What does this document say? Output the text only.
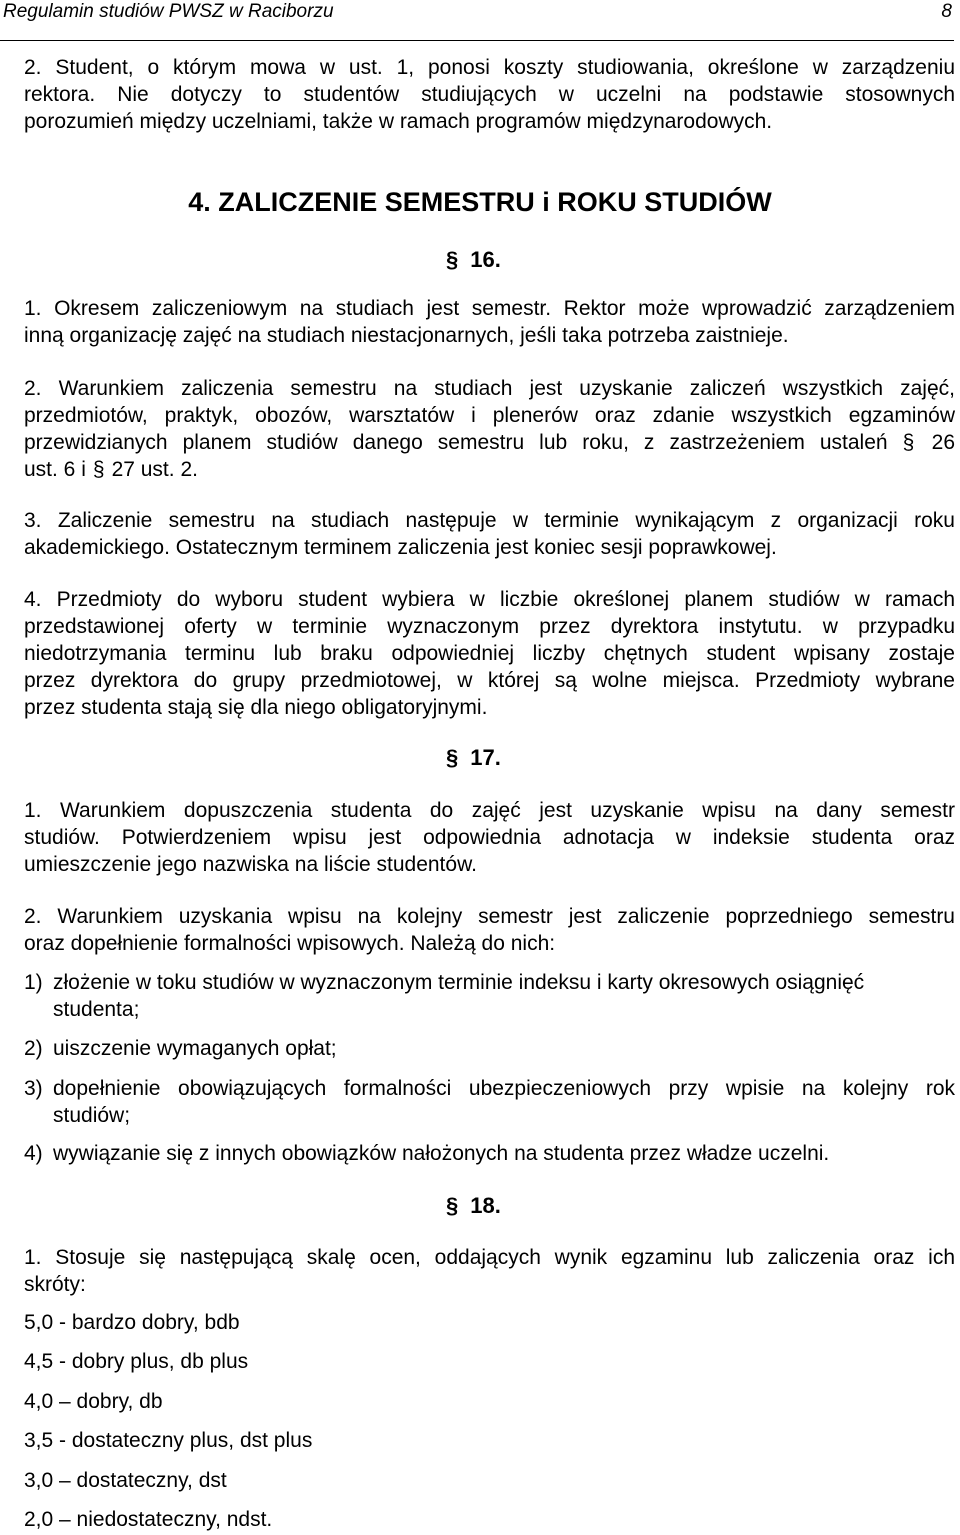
Regulamin studiów PWSZ w Raciborzu	8
2. Student, o którym mowa w ust. 1, ponosi koszty studiowania, określone w zarządzeniu
rektora. Nie dotyczy to studentów studiujących w uczelni na podstawie stosownych
porozumień między uczelniami, także w ramach programów międzynarodowych.
4. ZALICZENIE SEMESTRU i ROKU STUDIÓW
§ 16.
1. Okresem zaliczeniowym na studiach jest semestr. Rektor może wprowadzić zarządzeniem
inną organizację zajęć na studiach niestacjonarnych, jeśli taka potrzeba zaistnieje.
2. Warunkiem zaliczenia semestru na studiach jest uzyskanie zaliczeń wszystkich zajęć,
przedmiotów, praktyk, obozów, warsztatów i plenerów oraz zdanie wszystkich egzaminów
przewidzianych planem studiów danego semestru lub roku, z zastrzeżeniem ustaleń § 26
ust. 6 i § 27 ust. 2.
3. Zaliczenie semestru na studiach następuje w terminie wynikającym z organizacji roku
akademickiego. Ostatecznym terminem zaliczenia jest koniec sesji poprawkowej.
4. Przedmioty do wyboru student wybiera w liczbie określonej planem studiów w ramach
przedstawionej oferty w terminie wyznaczonym przez dyrektora instytutu. w przypadku
niedotrzymania terminu lub braku odpowiedniej liczby chętnych student wpisany zostaje
przez dyrektora do grupy przedmiotowej, w której są wolne miejsca. Przedmioty wybrane
przez studenta stają się dla niego obligatoryjnymi.
§ 17.
1. Warunkiem dopuszczenia studenta do zajęć jest uzyskanie wpisu na dany semestr
studiów. Potwierdzeniem wpisu jest odpowiednia adnotacja w indeksie studenta oraz
umieszczenie jego nazwiska na liście studentów.
2. Warunkiem uzyskania wpisu na kolejny semestr jest zaliczenie poprzedniego semestru
oraz dopełnienie formalności wpisowych. Należą do nich:
1) złożenie w toku studiów w wyznaczonym terminie indeksu i karty okresowych osiągnięć
studenta;
2) uiszczenie wymaganych opłat;
3) dopełnienie obowiązujących formalności ubezpieczeniowych przy wpisie na kolejny rok
studiów;
4) wywiązanie się z innych obowiązków nałożonych na studenta przez władze uczelni.
§ 18.
1. Stosuje się następującą skalę ocen, oddających wynik egzaminu lub zaliczenia oraz ich
skróty:
5,0 - bardzo dobry, bdb
4,5 - dobry plus, db plus
4,0 – dobry, db
3,5 - dostateczny plus, dst plus
3,0 – dostateczny, dst
2,0 – niedostateczny, ndst.
